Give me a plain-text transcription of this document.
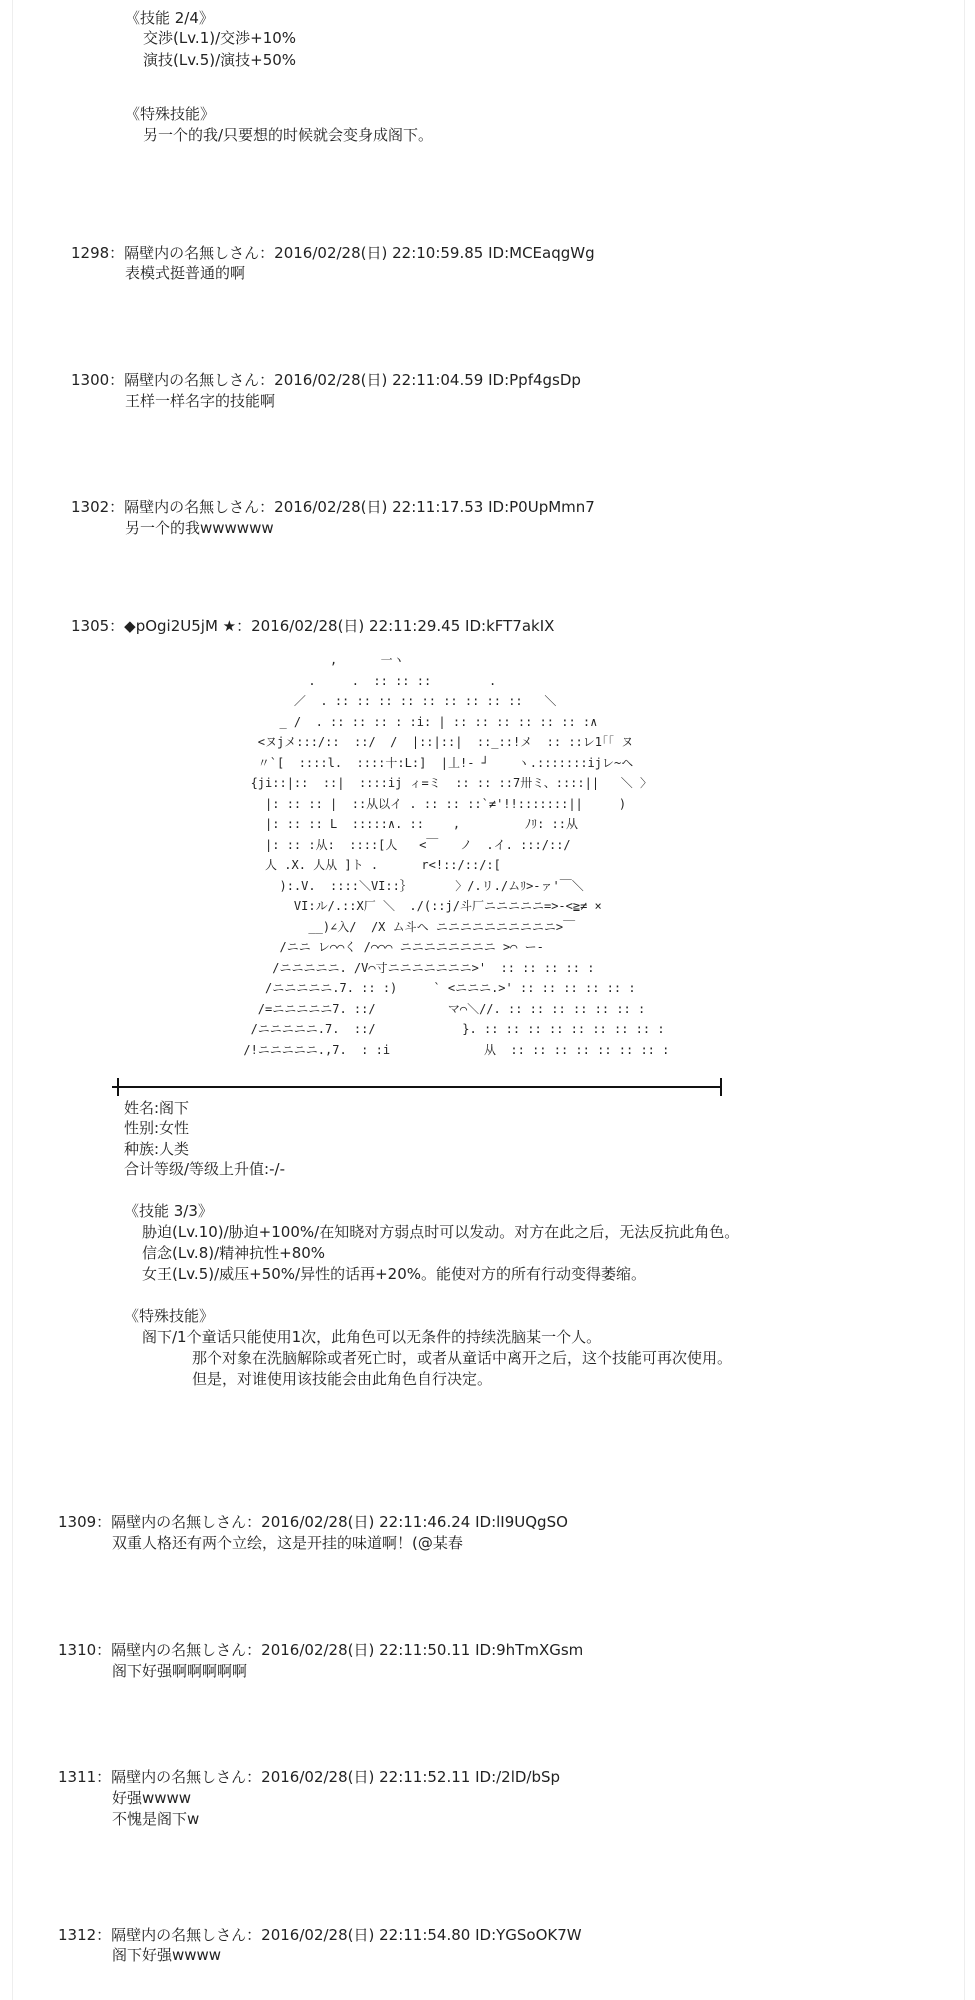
《技能 2/4》
交渉(Lv.1)/交渉+10%
演技(Lv.5)/演技+50%
《特殊技能》
另一个的我/只要想的时候就会变身成阁下。
1298：隔壁内の名無しさん：2016/02/28(日) 22:10:59.85 ID:MCEaqgWg
表模式挺普通的啊
1300：隔壁内の名無しさん：2016/02/28(日) 22:11:04.59 ID:Ppf4gsDp
王样一样名字的技能啊
1302：隔壁内の名無しさん：2016/02/28(日) 22:11:17.53 ID:P0UpMmn7
另一个的我wwwwww
1305：◆pOgi2U5jM ★：2016/02/28(日) 22:11:29.45 ID:kFT7akIX
,      一ヽ
.     .  :: :: ::        .
／  . :: :: :: :: :: :: :: :: ::   ＼
_ /  . :: :: :: : :i: | :: :: :: :: :: :: :∧
<ヌjメ:::/::  ::/  /  |::|::|  ::_::!メ  :: ::レ1｢｢ ヌ
〃`[  ::::l.  ::::十:L:]  |丄!- ┘    ヽ.:::::::ijレ~ヘ
{ji::|::  ::|  ::::ij ィ=ミ  :: :: ::7卅ミ、::::||   ＼ 〉
|: :: :: |  ::从以イ . :: :: ::`≠'!!:::::::||     )
|: :: :: L  :::::∧. ::    ,         ﾉﾘ: ::从
|: :: :从:  ::::[人   <￣   ノ  .イ. :::/::/
人 .X. 人从 ]ト .      r<!::/::/:[
):.V.  ::::＼VI::｝      〉/.リ./ムﾘ>-ァ'￣＼
VI:ル/.::X厂 ＼  ./(::j/斗厂ニニニニニ=>-<≧≠ ×
__)∠入/  /X ム斗ヘ ニニニニニニニニニニ>￣
/ニニ レ⌒⌒く /⌒⌒⌒ ニニニニニニニニ >⌒ ー-
/ニニニニニ. /V⌒寸ニニニニニニニ>'  :: :: :: :: :
/ニニニニニ.7. :: :)     ` <ニニニ.>' :: :: :: :: :: :
/=ニニニニニ7. ::/          マ⌒＼//. :: :: :: :: :: :: :
/ニニニニニ.7.  ::/            }. :: :: :: :: :: :: :: :: :
/!ニニニニニ.,7.  : :i             从  :: :: :: :: :: :: :: :
姓名:阁下
性别:女性
种族:人类
合计等级/等级上升值:-/-
《技能 3/3》
胁迫(Lv.10)/胁迫+100%/在知晓对方弱点时可以发动。对方在此之后，无法反抗此角色。
信念(Lv.8)/精神抗性+80%
女王(Lv.5)/威压+50%/异性的话再+20%。能使对方的所有行动变得萎缩。
《特殊技能》
阁下/1个童话只能使用1次，此角色可以无条件的持续洗脑某一个人。
那个对象在洗脑解除或者死亡时，或者从童话中离开之后，这个技能可再次使用。
但是，对谁使用该技能会由此角色自行决定。
1309：隔壁内の名無しさん：2016/02/28(日) 22:11:46.24 ID:lI9UQgSO
双重人格还有两个立绘，这是开挂的味道啊！(@某春
1310：隔壁内の名無しさん：2016/02/28(日) 22:11:50.11 ID:9hTmXGsm
阁下好强啊啊啊啊啊
1311：隔壁内の名無しさん：2016/02/28(日) 22:11:52.11 ID:/2lD/bSp
好强wwww
不愧是阁下w
1312：隔壁内の名無しさん：2016/02/28(日) 22:11:54.80 ID:YGSoOK7W
阁下好强wwww
